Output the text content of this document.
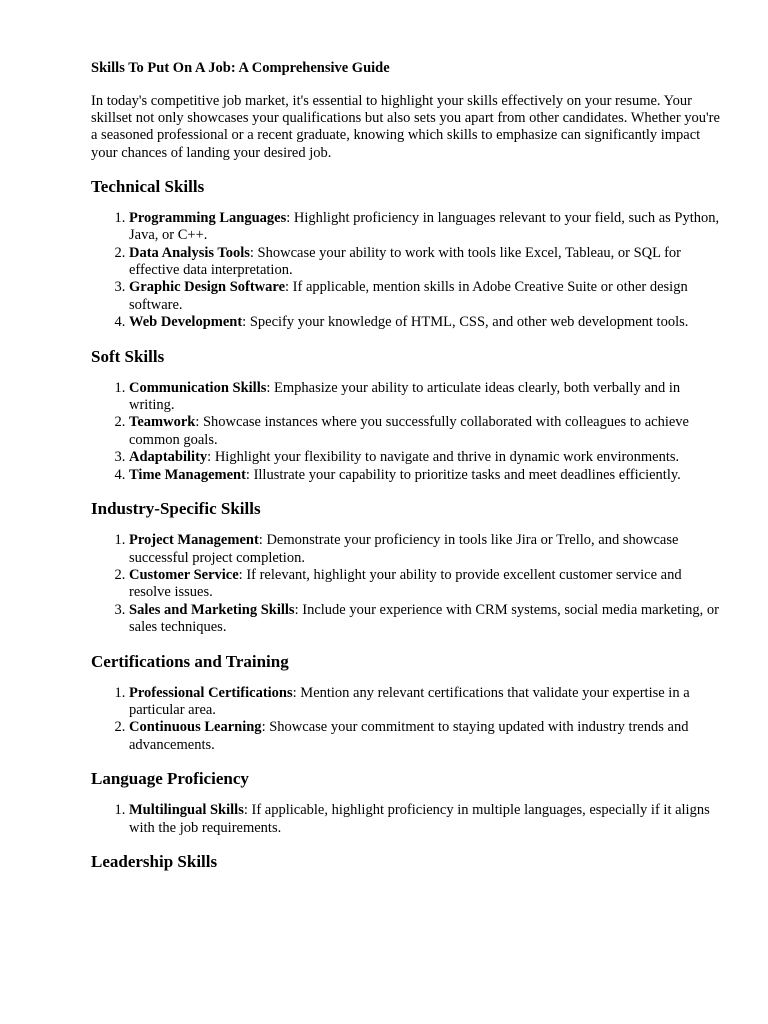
Skills To Put On A Job: A Comprehensive Guide

In today's competitive job market, it's essential to highlight your skills effectively on your resume. Your skillset not only showcases your qualifications but also sets you apart from other candidates. Whether you're a seasoned professional or a recent graduate, knowing which skills to emphasize can significantly impact your chances of landing your desired job.

Technical Skills
1. Programming Languages: Highlight proficiency in languages relevant to your field, such as Python, Java, or C++.
2. Data Analysis Tools: Showcase your ability to work with tools like Excel, Tableau, or SQL for effective data interpretation.
3. Graphic Design Software: If applicable, mention skills in Adobe Creative Suite or other design software.
4. Web Development: Specify your knowledge of HTML, CSS, and other web development tools.
Soft Skills
1. Communication Skills: Emphasize your ability to articulate ideas clearly, both verbally and in writing.
2. Teamwork: Showcase instances where you successfully collaborated with colleagues to achieve common goals.
3. Adaptability: Highlight your flexibility to navigate and thrive in dynamic work environments.
4. Time Management: Illustrate your capability to prioritize tasks and meet deadlines efficiently.
Industry-Specific Skills
1. Project Management: Demonstrate your proficiency in tools like Jira or Trello, and showcase successful project completion.
2. Customer Service: If relevant, highlight your ability to provide excellent customer service and resolve issues.
3. Sales and Marketing Skills: Include your experience with CRM systems, social media marketing, or sales techniques.
Certifications and Training
1. Professional Certifications: Mention any relevant certifications that validate your expertise in a particular area.
2. Continuous Learning: Showcase your commitment to staying updated with industry trends and advancements.
Language Proficiency
1. Multilingual Skills: If applicable, highlight proficiency in multiple languages, especially if it aligns with the job requirements.
Leadership Skills
